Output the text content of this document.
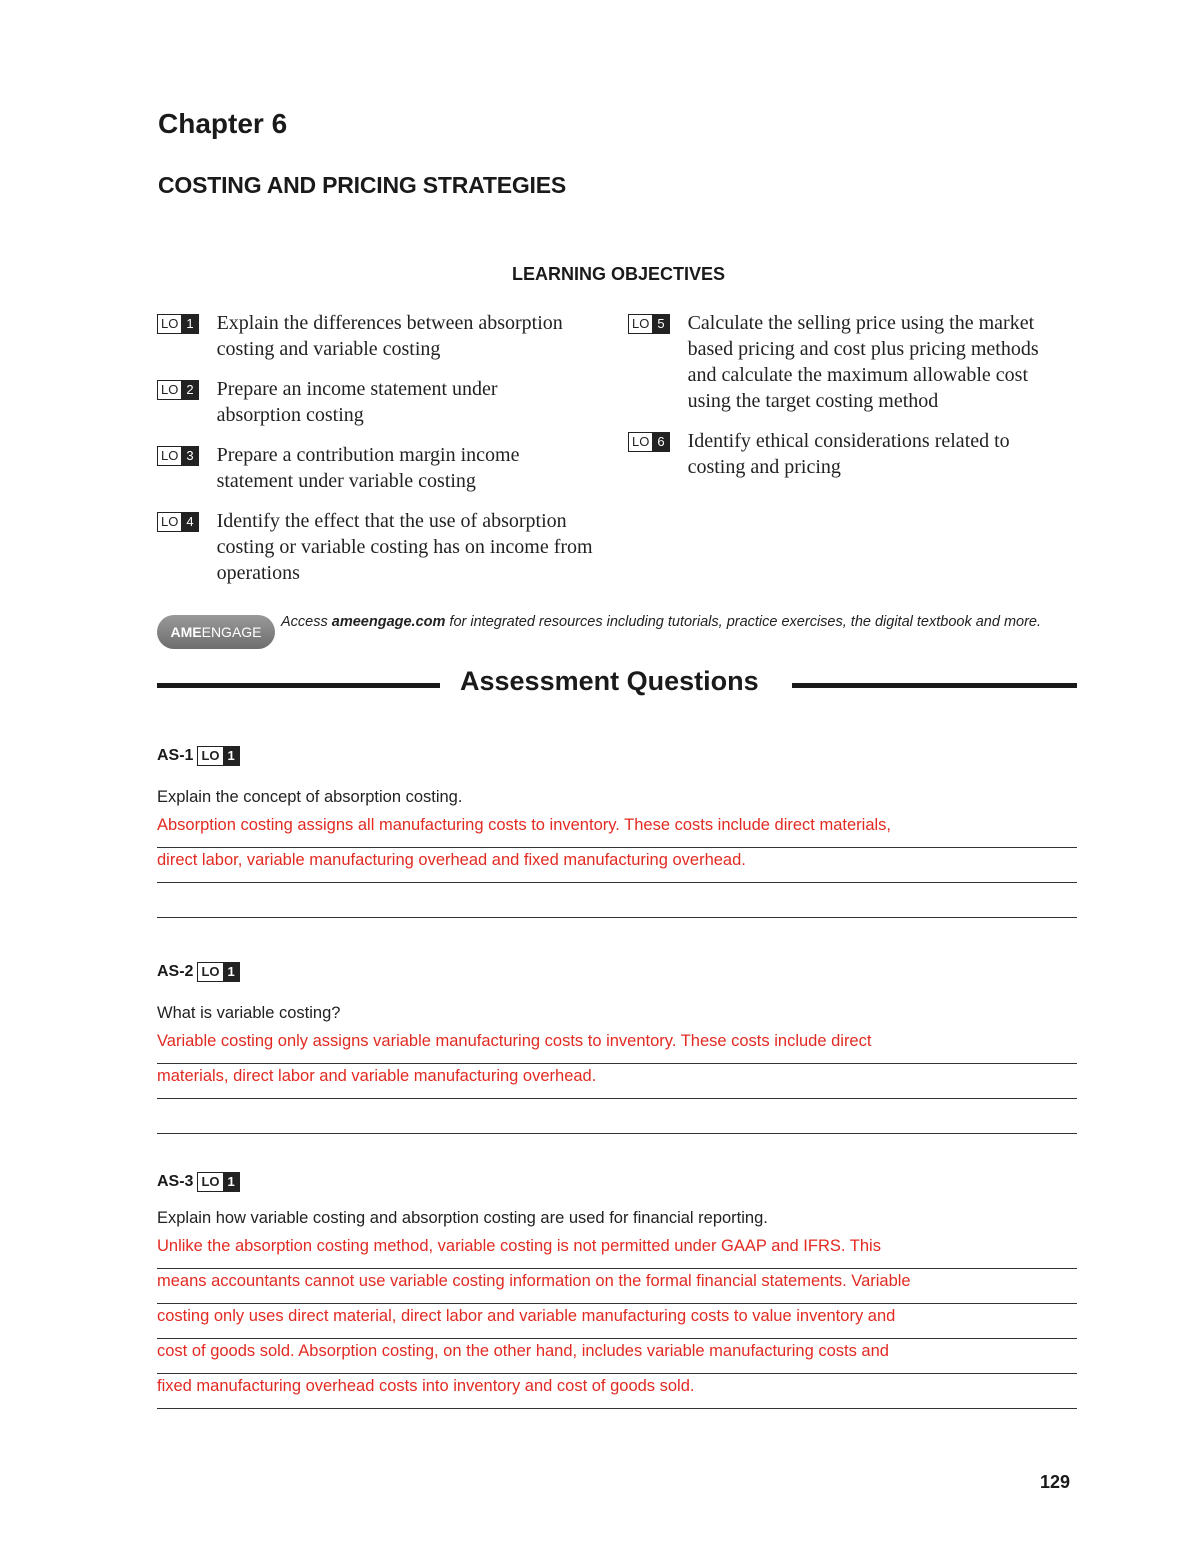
Chapter 6
COSTING AND PRICING STRATEGIES
LEARNING OBJECTIVES
LO 1 Explain the differences between absorption costing and variable costing
LO 2 Prepare an income statement under absorption costing
LO 3 Prepare a contribution margin income statement under variable costing
LO 4 Identify the effect that the use of absorption costing or variable costing has on income from operations
LO 5 Calculate the selling price using the market based pricing and cost plus pricing methods and calculate the maximum allowable cost using the target costing method
LO 6 Identify ethical considerations related to costing and pricing
AME ENGAGE
Access ameengage.com for integrated resources including tutorials, practice exercises, the digital textbook and more.
Assessment Questions
AS-1 LO 1
Explain the concept of absorption costing.
Absorption costing assigns all manufacturing costs to inventory. These costs include direct materials,
direct labor, variable manufacturing overhead and fixed manufacturing overhead.
AS-2 LO 1
What is variable costing?
Variable costing only assigns variable manufacturing costs to inventory. These costs include direct
materials, direct labor and variable manufacturing overhead.
AS-3 LO 1
Explain how variable costing and absorption costing are used for financial reporting.
Unlike the absorption costing method, variable costing is not permitted under GAAP and IFRS. This
means accountants cannot use variable costing information on the formal financial statements. Variable
costing only uses direct material, direct labor and variable manufacturing costs to value inventory and
cost of goods sold. Absorption costing, on the other hand, includes variable manufacturing costs and
fixed manufacturing overhead costs into inventory and cost of goods sold.
129
